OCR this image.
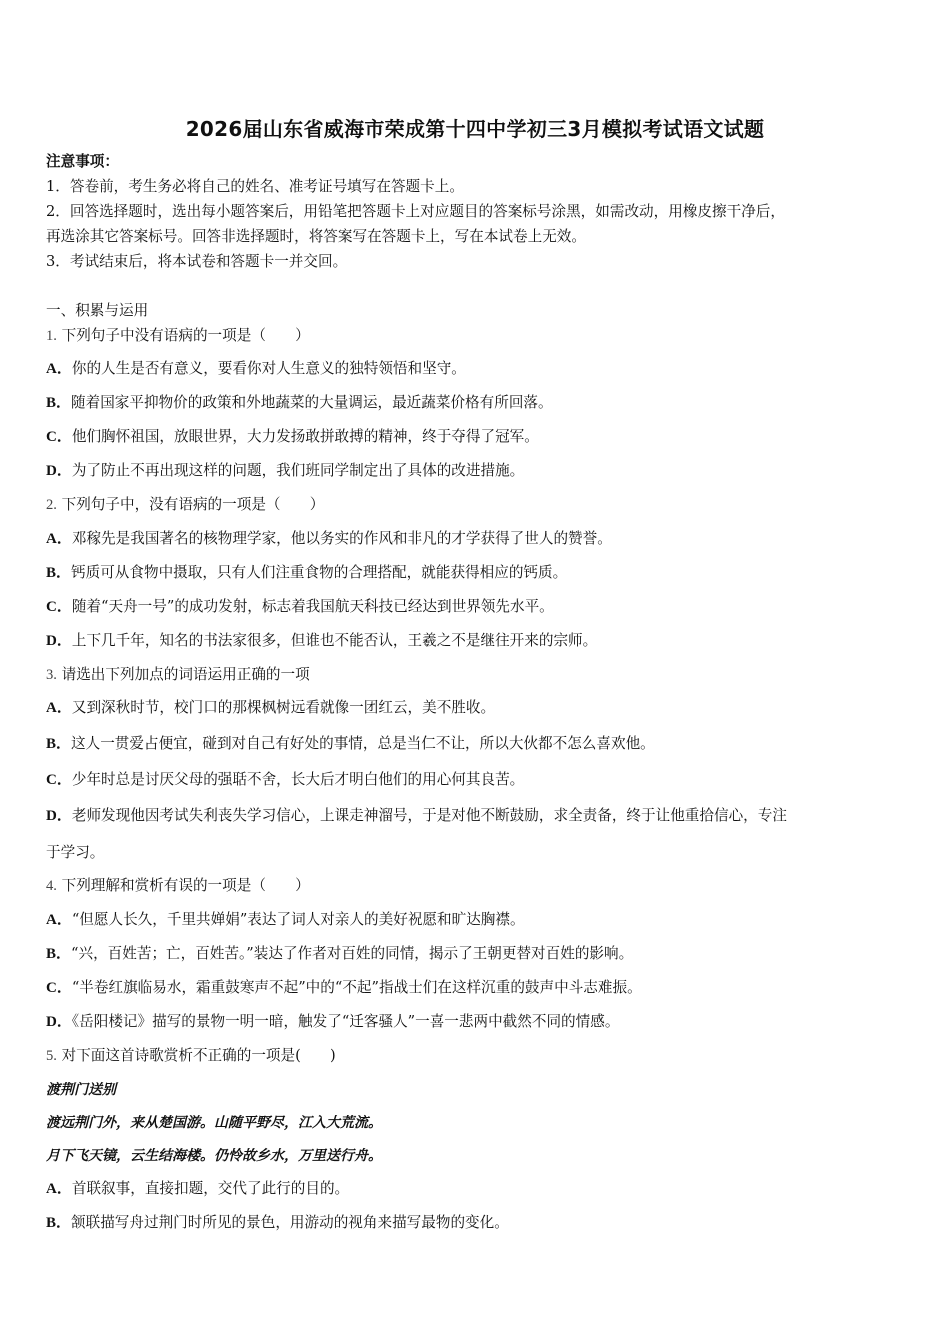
2026届山东省威海市荣成第十四中学初三3月模拟考试语文试题
注意事项：
1．答卷前，考生务必将自己的姓名、准考证号填写在答题卡上。
2．回答选择题时，选出每小题答案后，用铅笔把答题卡上对应题目的答案标号涂黑，如需改动，用橡皮擦干净后，
再选涂其它答案标号。回答非选择题时，将答案写在答题卡上，写在本试卷上无效。
3．考试结束后，将本试卷和答题卡一并交回。
一、积累与运用
1. 下列句子中没有语病的一项是（　　）
A．你的人生是否有意义，要看你对人生意义的独特领悟和坚守。
B．随着国家平抑物价的政策和外地蔬菜的大量调运，最近蔬菜价格有所回落。
C．他们胸怀祖国，放眼世界，大力发扬敢拼敢搏的精神，终于夺得了冠军。
D．为了防止不再出现这样的问题，我们班同学制定出了具体的改进措施。
2. 下列句子中，没有语病的一项是（　　）
A．邓稼先是我国著名的核物理学家，他以务实的作风和非凡的才学获得了世人的赞誉。
B．钙质可从食物中摄取，只有人们注重食物的合理搭配，就能获得相应的钙质。
C．随着“天舟一号”的成功发射，标志着我国航天科技已经达到世界领先水平。
D．上下几千年，知名的书法家很多，但谁也不能否认，王羲之不是继往开来的宗师。
3. 请选出下列加点的词语运用正确的一项
A．又到深秋时节，校门口的那棵枫树远看就像一团红云，美不胜收。
B．这人一贯爱占便宜，碰到对自己有好处的事情，总是当仁不让，所以大伙都不怎么喜欢他。
C．少年时总是讨厌父母的强聒不舍，长大后才明白他们的用心何其良苦。
D．老师发现他因考试失利丧失学习信心，上课走神溜号，于是对他不断鼓励，求全责备，终于让他重拾信心，专注
于学习。
4. 下列理解和赏析有误的一项是（　　）
A．“但愿人长久，千里共婵娟”表达了词人对亲人的美好祝愿和旷达胸襟。
B．“兴，百姓苦；亡，百姓苦。”装达了作者对百姓的同情，揭示了王朝更替对百姓的影响。
C．“半卷红旗临易水，霜重鼓寒声不起”中的“不起”指战士们在这样沉重的鼓声中斗志难振。
D．《岳阳楼记》描写的景物一明一暗，触发了“迁客骚人”一喜一悲两中截然不同的情感。
5. 对下面这首诗歌赏析不正确的一项是(　　)
渡荆门送别
渡远荆门外，来从楚国游。山随平野尽，江入大荒流。
月下飞天镜，云生结海楼。仍怜故乡水，万里送行舟。
A．首联叙事，直接扣题，交代了此行的目的。
B．颔联描写舟过荆门时所见的景色，用游动的视角来描写最物的变化。
